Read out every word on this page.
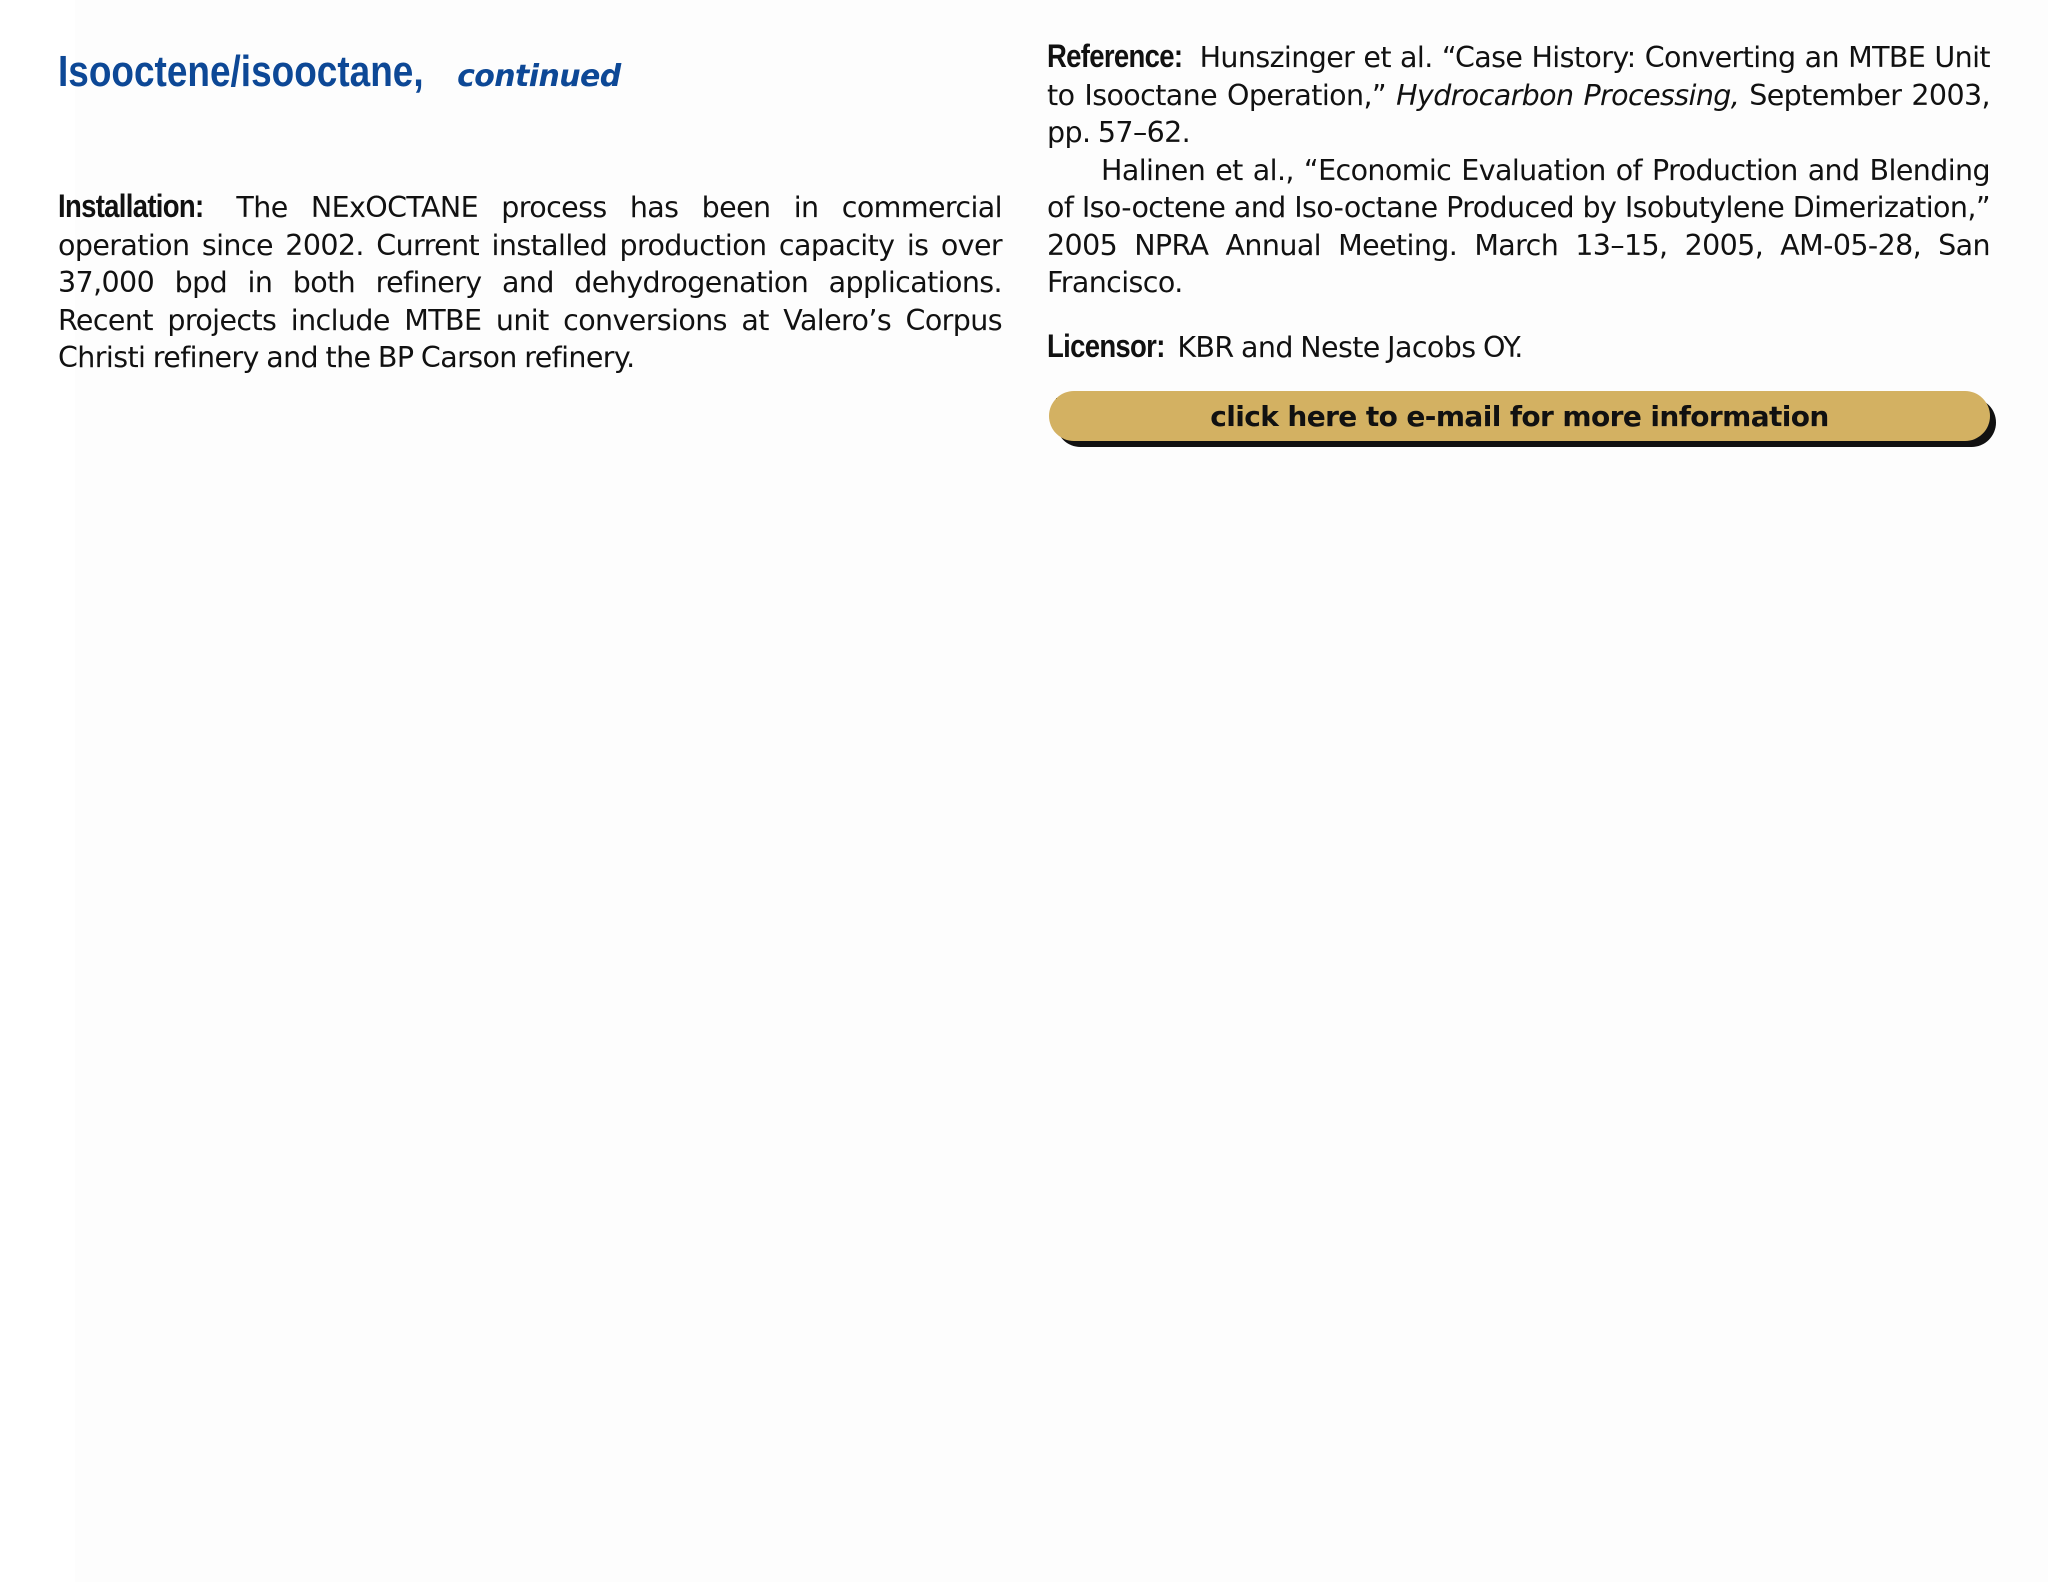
Isooctene/isooctane, continued

Installation: The NExOCTANE process has been in commercial operation since 2002. Current installed production capacity is over 37,000 bpd in both refinery and dehydrogenation applications. Recent projects include MTBE unit conversions at Valero’s Corpus Christi refinery and the BP Carson refinery.

Reference: Hunszinger et al. “Case History: Converting an MTBE Unit to Isooctane Operation,” Hydrocarbon Processing, September 2003, pp. 57–62.

Halinen et al., “Economic Evaluation of Production and Blending of Iso-octene and Iso-octane Produced by Isobutylene Dimerization,” 2005 NPRA Annual Meeting. March 13–15, 2005, AM-05-28, San Francisco.

Licensor: KBR and Neste Jacobs OY.

click here to e-mail for more information
